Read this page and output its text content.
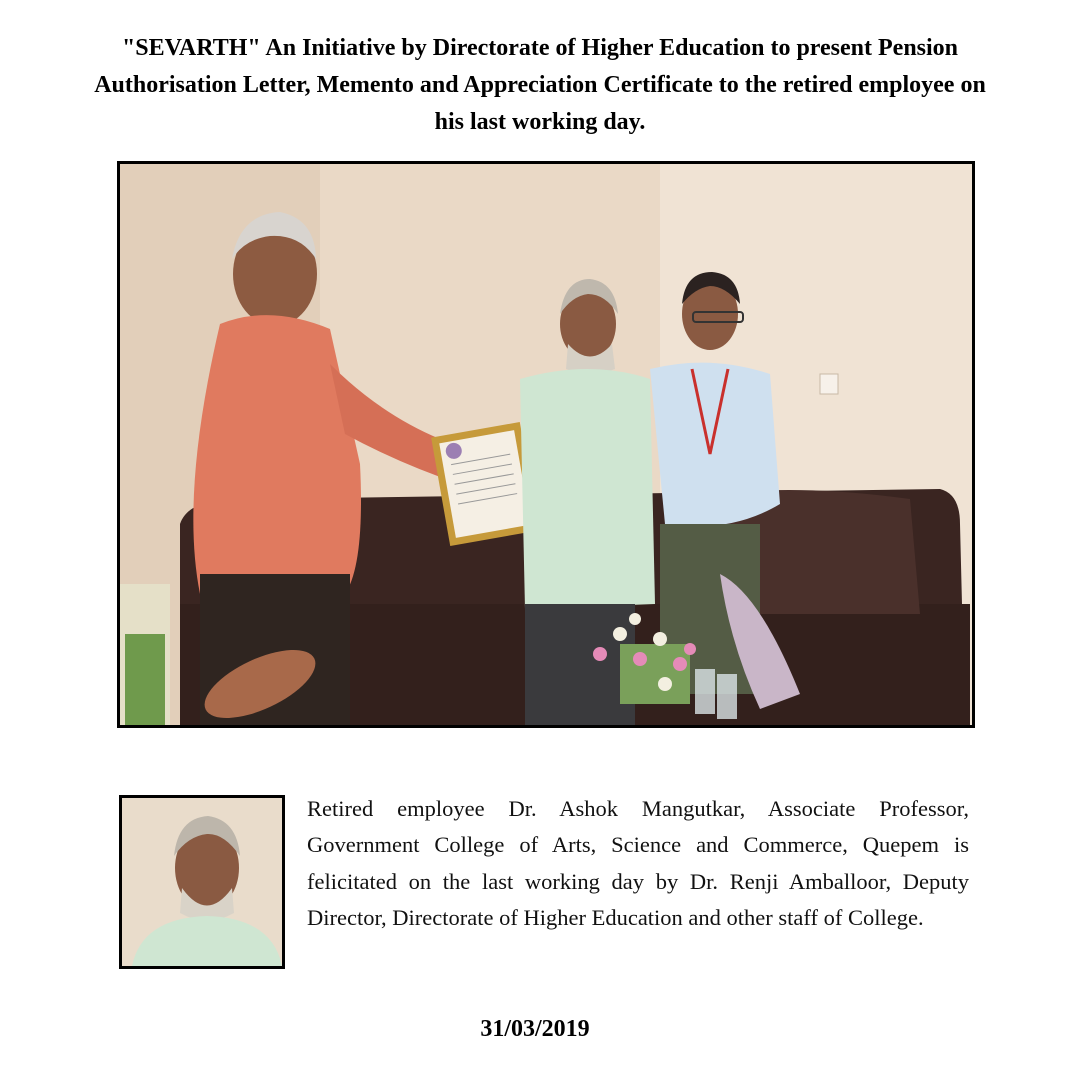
"SEVARTH" An Initiative by Directorate of Higher Education to present Pension Authorisation Letter, Memento and Appreciation Certificate to the retired employee on his last working day.
Retired employee Dr. Ashok Mangutkar, Associate Professor, Government College of Arts, Science and Commerce, Quepem is felicitated on the last working day by Dr. Renji Amballoor, Deputy Director, Directorate of Higher Education and other staff of College.
31/03/2019
